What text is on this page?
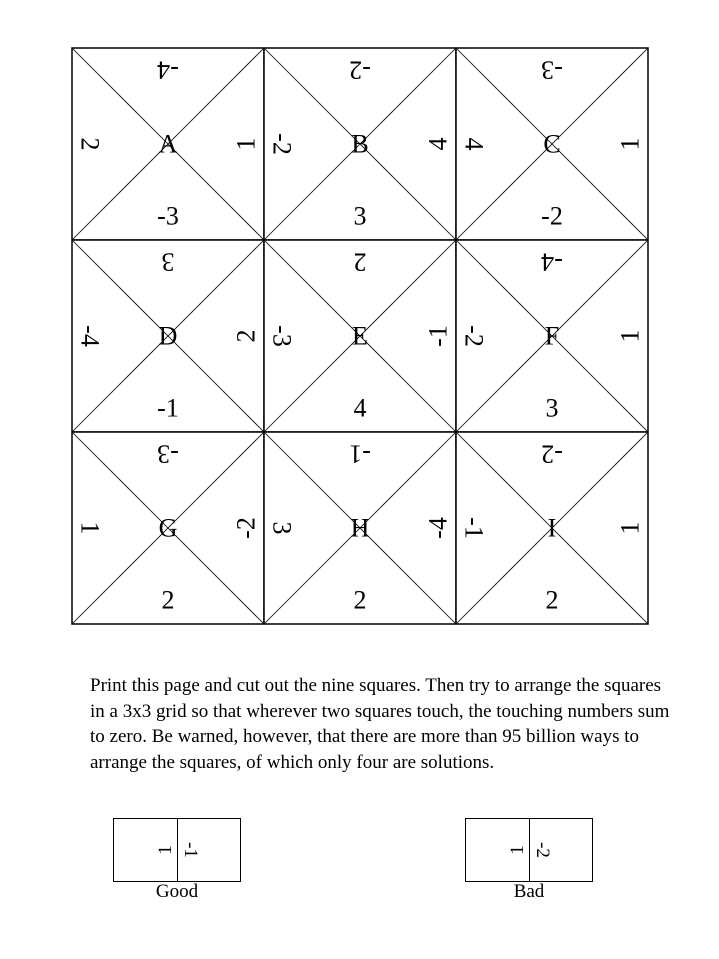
A
-3
-4
2	1	B
3
-2
-2	4	C
-2
-3
4	1
D
-1
3
-4	2	E
4
2
-3	-1	F
3
-4
-2	1
G
2
-3
1	-2	H
2
-1
3	-4	I
2
-2
-1	1

Print this page and cut out the nine squares. Then try to arrange the squares in a 3x3 grid so that wherever two squares touch, the touching numbers sum to zero. Be warned, however, that there are more than 95 billion ways to arrange the squares, of which only four are solutions.

1 -1
Good
1 -2
Bad
